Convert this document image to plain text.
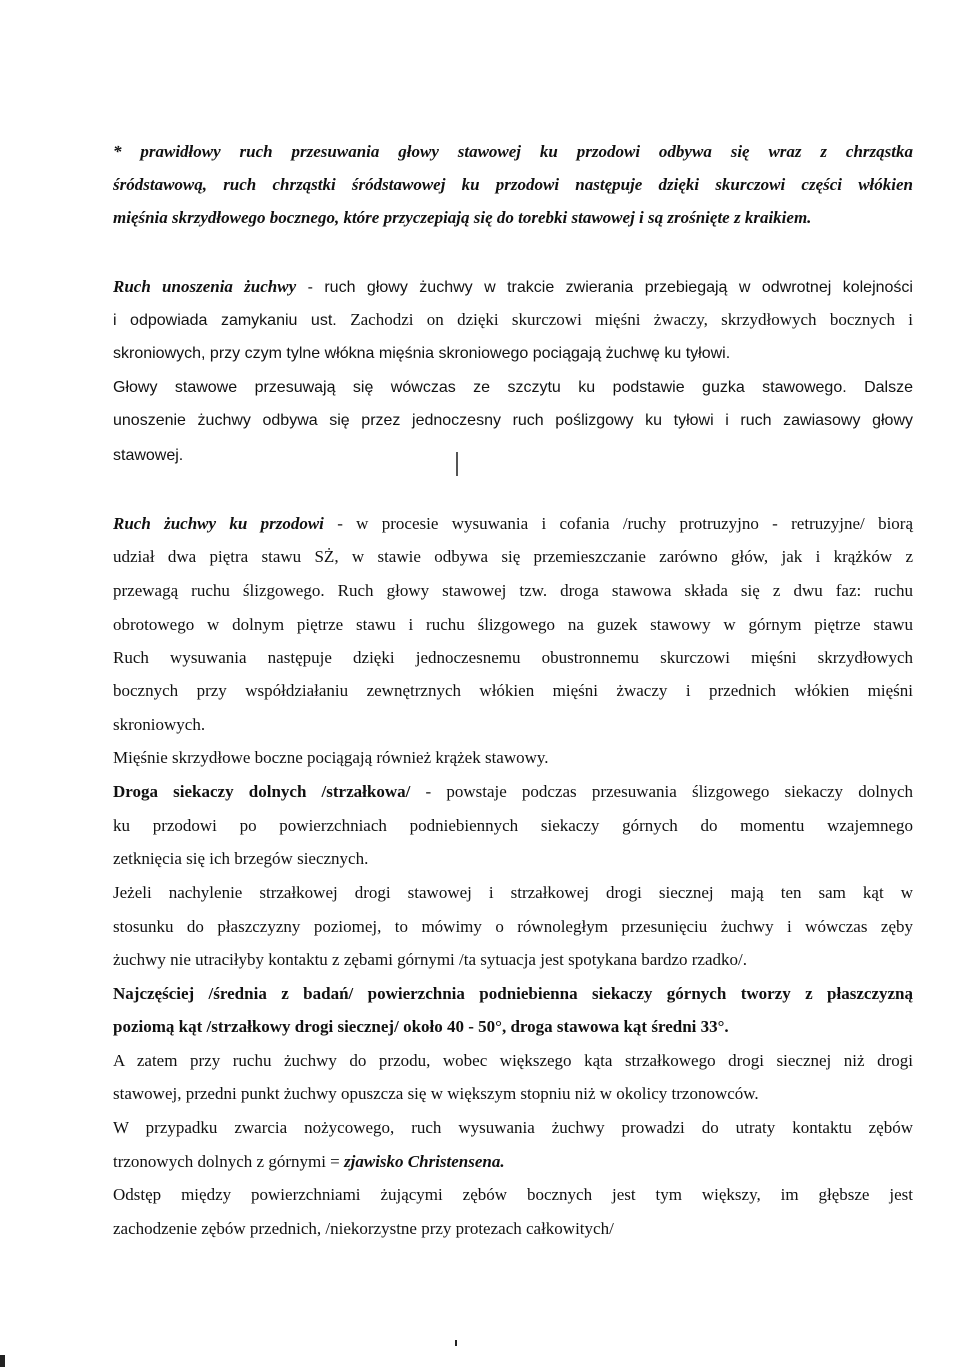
* prawidłowy ruch przesuwania głowy stawowej ku przodowi odbywa się wraz z chrząstka
śródstawową, ruch chrząstki śródstawowej ku przodowi następuje dzięki skurczowi części włókien
mięśnia skrzydłowego bocznego, które przyczepiają się do torebki stawowej i są zrośnięte z kraikiem.
Ruch unoszenia żuchwy - ruch głowy żuchwy w trakcie zwierania przebiegają w odwrotnej kolejności
i odpowiada zamykaniu ust. Zachodzi on dzięki skurczowi mięśni żwaczy, skrzydłowych bocznych i
skroniowych, przy czym tylne włókna mięśnia skroniowego pociągają żuchwę ku tyłowi.
Głowy stawowe przesuwają się wówczas ze szczytu ku podstawie guzka stawowego. Dalsze
unoszenie żuchwy odbywa się przez jednoczesny ruch poślizgowy ku tyłowi i ruch zawiasowy głowy
stawowej.
Ruch żuchwy ku przodowi - w procesie wysuwania i cofania /ruchy protruzyjno - retruzyjne/ biorą
udział dwa piętra stawu SŻ, w stawie odbywa się przemieszczanie zarówno głów, jak i krążków z
przewagą ruchu ślizgowego. Ruch głowy stawowej tzw. droga stawowa składa się z dwu faz: ruchu
obrotowego w dolnym piętrze stawu i ruchu ślizgowego na guzek stawowy w górnym piętrze stawu
Ruch wysuwania następuje dzięki jednoczesnemu obustronnemu skurczowi mięśni skrzydłowych
bocznych przy współdziałaniu zewnętrznych włókien mięśni żwaczy i przednich włókien mięśni
skroniowych.
Mięśnie skrzydłowe boczne pociągają również krążek stawowy.
Droga siekaczy dolnych /strzałkowa/ - powstaje podczas przesuwania ślizgowego siekaczy dolnych
ku przodowi po powierzchniach podniebiennych siekaczy górnych do momentu wzajemnego
zetknięcia się ich brzegów siecznych.
Jeżeli nachylenie strzałkowej drogi stawowej i strzałkowej drogi siecznej mają ten sam kąt w
stosunku do płaszczyzny poziomej, to mówimy o równoległym przesunięciu żuchwy i wówczas zęby
żuchwy nie utraciłyby kontaktu z zębami górnymi /ta sytuacja jest spotykana bardzo rzadko/.
Najczęściej /średnia z badań/ powierzchnia podniebienna siekaczy górnych tworzy z płaszczyzną
poziomą kąt /strzałkowy drogi siecznej/ około 40 - 50°, droga stawowa kąt średni 33°.
A zatem przy ruchu żuchwy do przodu, wobec większego kąta strzałkowego drogi siecznej niż drogi
stawowej, przedni punkt żuchwy opuszcza się w większym stopniu niż w okolicy trzonowców.
W przypadku zwarcia nożycowego, ruch wysuwania żuchwy prowadzi do utraty kontaktu zębów
trzonowych dolnych z górnymi = zjawisko Christensena.
Odstęp między powierzchniami żującymi zębów bocznych jest tym większy, im głębsze jest
zachodzenie zębów przednich, /niekorzystne przy protezach całkowitych/
